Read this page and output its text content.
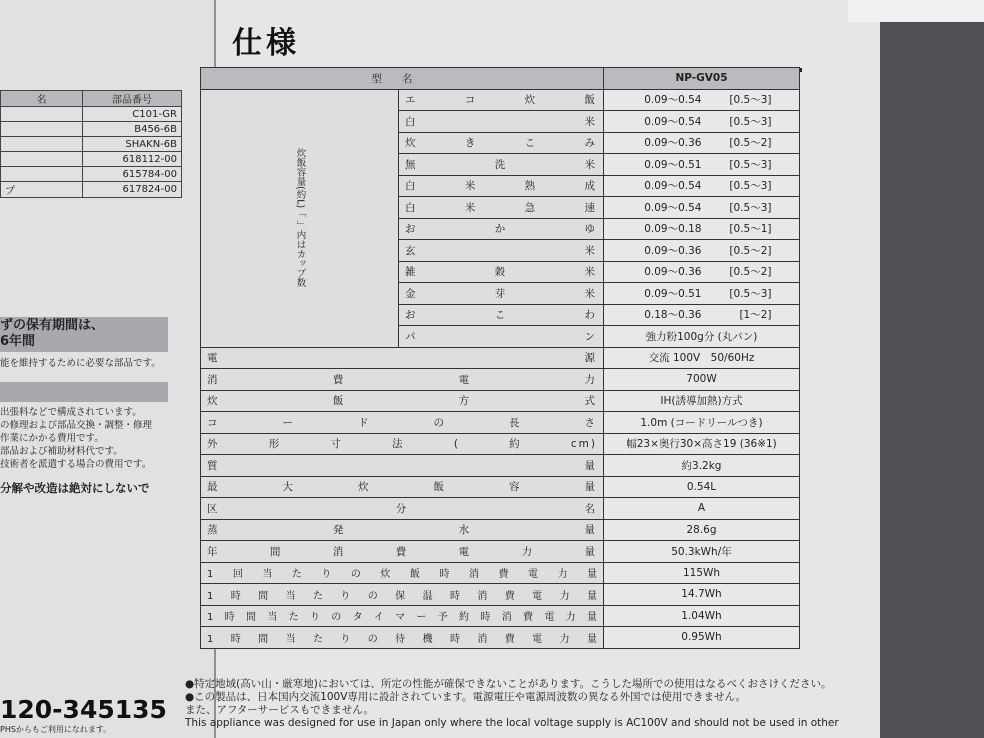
名	部品番号
	C101-GR
	B456-6B
	SHAKN-6B
	618112-00
	615784-00
プ	617824-00
ずの保有期間は、
6年間
能を維持するために必要な部品です。
出張料などで構成されています。
の修理および部品交換・調整・修理
作業にかかる費用です。
部品および補助材料代です。
技術者を派遣する場合の費用です。
分解や改造は絶対にしないで
120-345135
PHSからもご利用になれます。
仕様
型名		NP-GV05
炊飯容量(約L)「 」内はカップ数	エコ炊飯	0.09～0.54 [0.5～3]
	白米	0.09～0.54 [0.5～3]
	炊きこみ	0.09～0.36 [0.5～2]
	無洗米	0.09～0.51 [0.5～3]
	白米熟成	0.09～0.54 [0.5～3]
	白米急速	0.09～0.54 [0.5～3]
	おかゆ	0.09～0.18 [0.5～1]
	玄米	0.09～0.36 [0.5～2]
	雑穀米	0.09～0.36 [0.5～2]
	金芽米	0.09～0.51 [0.5～3]
	おこわ	0.18～0.36 [1～2]
	パン	強力粉100g分 (丸パン)
電源		交流 100V　50/60Hz
消費電力		700W
炊飯方式		IH(誘導加熱)方式
コードの長さ		1.0m (コードリールつき)
外形寸法(約cm)		幅23×奥行30×高さ19 (36※1)
質量		約3.2kg
最大炊飯容量		0.54L
区分名		A
蒸発水量		28.6g
年間消費電力量		50.3kWh/年
1回当たりの炊飯時消費電力量		115Wh
1時間当たりの保温時消費電力量		14.7Wh
1時間当たりのタイマー予約時消費電力量		1.04Wh
1時間当たりの待機時消費電力量		0.95Wh
●特定地域(高い山・厳寒地)においては、所定の性能が確保できないことがあります。こうした場所での使用はなるべくおさけください。
●この製品は、日本国内交流100V専用に設計されています。電源電圧や電源周波数の異なる外国では使用できません。
また、アフターサービスもできません。
This appliance was designed for use in Japan only where the local voltage supply is AC100V and should not be used in other
